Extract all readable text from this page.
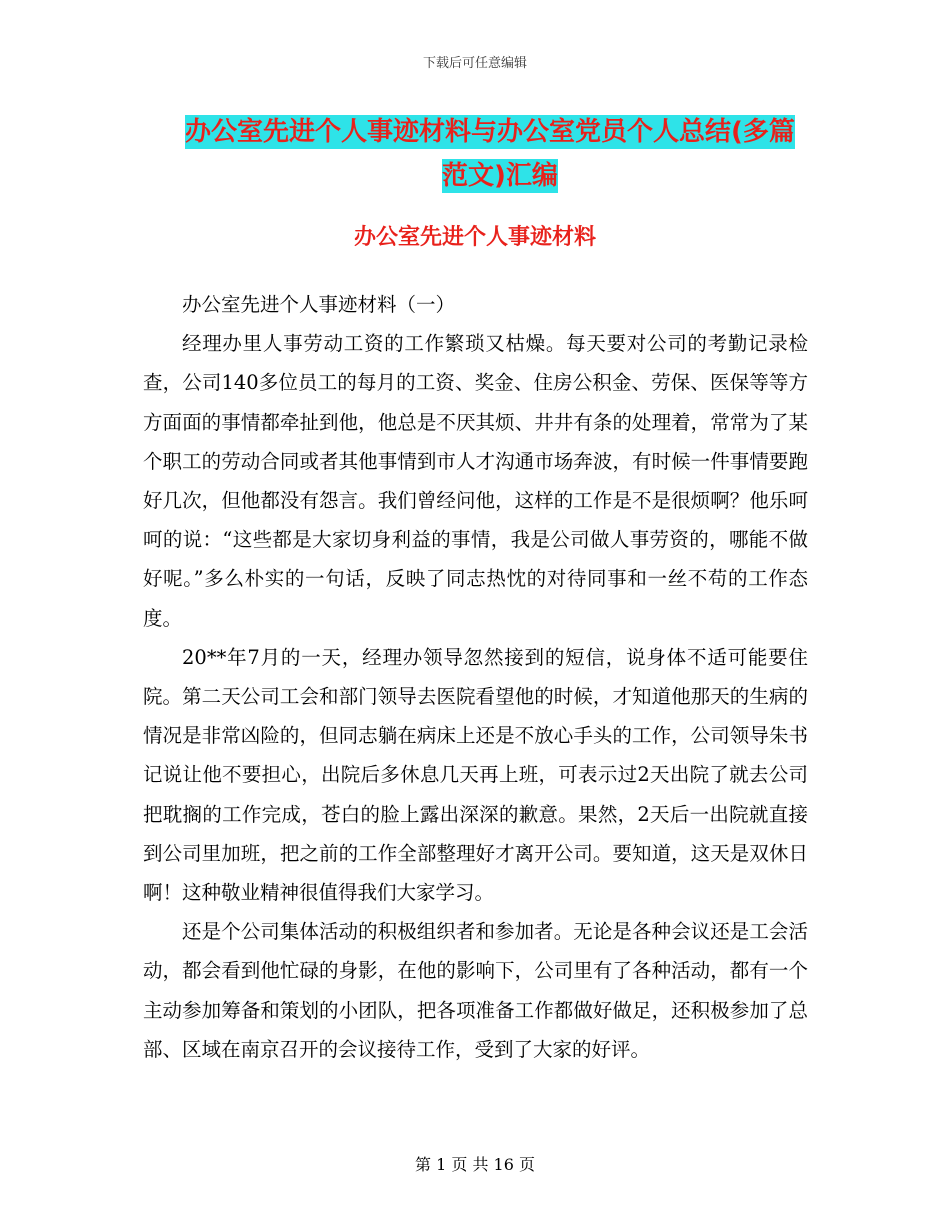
下载后可任意编辑
办公室先进个人事迹材料与办公室党员个人总结(多篇
范文)汇编
办公室先进个人事迹材料

办公室先进个人事迹材料（一）

经理办里人事劳动工资的工作繁琐又枯燥。每天要对公司的考勤记录检查，公司140多位员工的每月的工资、奖金、住房公积金、劳保、医保等等方方面面的事情都牵扯到他，他总是不厌其烦、井井有条的处理着，常常为了某个职工的劳动合同或者其他事情到市人才沟通市场奔波，有时候一件事情要跑好几次，但他都没有怨言。我们曾经问他，这样的工作是不是很烦啊？他乐呵呵的说：“这些都是大家切身利益的事情，我是公司做人事劳资的，哪能不做好呢。”多么朴实的一句话，反映了同志热忱的对待同事和一丝不苟的工作态度。

20**年7月的一天，经理办领导忽然接到的短信，说身体不适可能要住院。第二天公司工会和部门领导去医院看望他的时候，才知道他那天的生病的情况是非常凶险的，但同志躺在病床上还是不放心手头的工作，公司领导朱书记说让他不要担心，出院后多休息几天再上班，可表示过2天出院了就去公司把耽搁的工作完成，苍白的脸上露出深深的歉意。果然，2天后一出院就直接到公司里加班，把之前的工作全部整理好才离开公司。要知道，这天是双休日啊！这种敬业精神很值得我们大家学习。

还是个公司集体活动的积极组织者和参加者。无论是各种会议还是工会活动，都会看到他忙碌的身影，在他的影响下，公司里有了各种活动，都有一个主动参加筹备和策划的小团队，把各项准备工作都做好做足，还积极参加了总部、区域在南京召开的会议接待工作，受到了大家的好评。

第 1 页 共 16 页
